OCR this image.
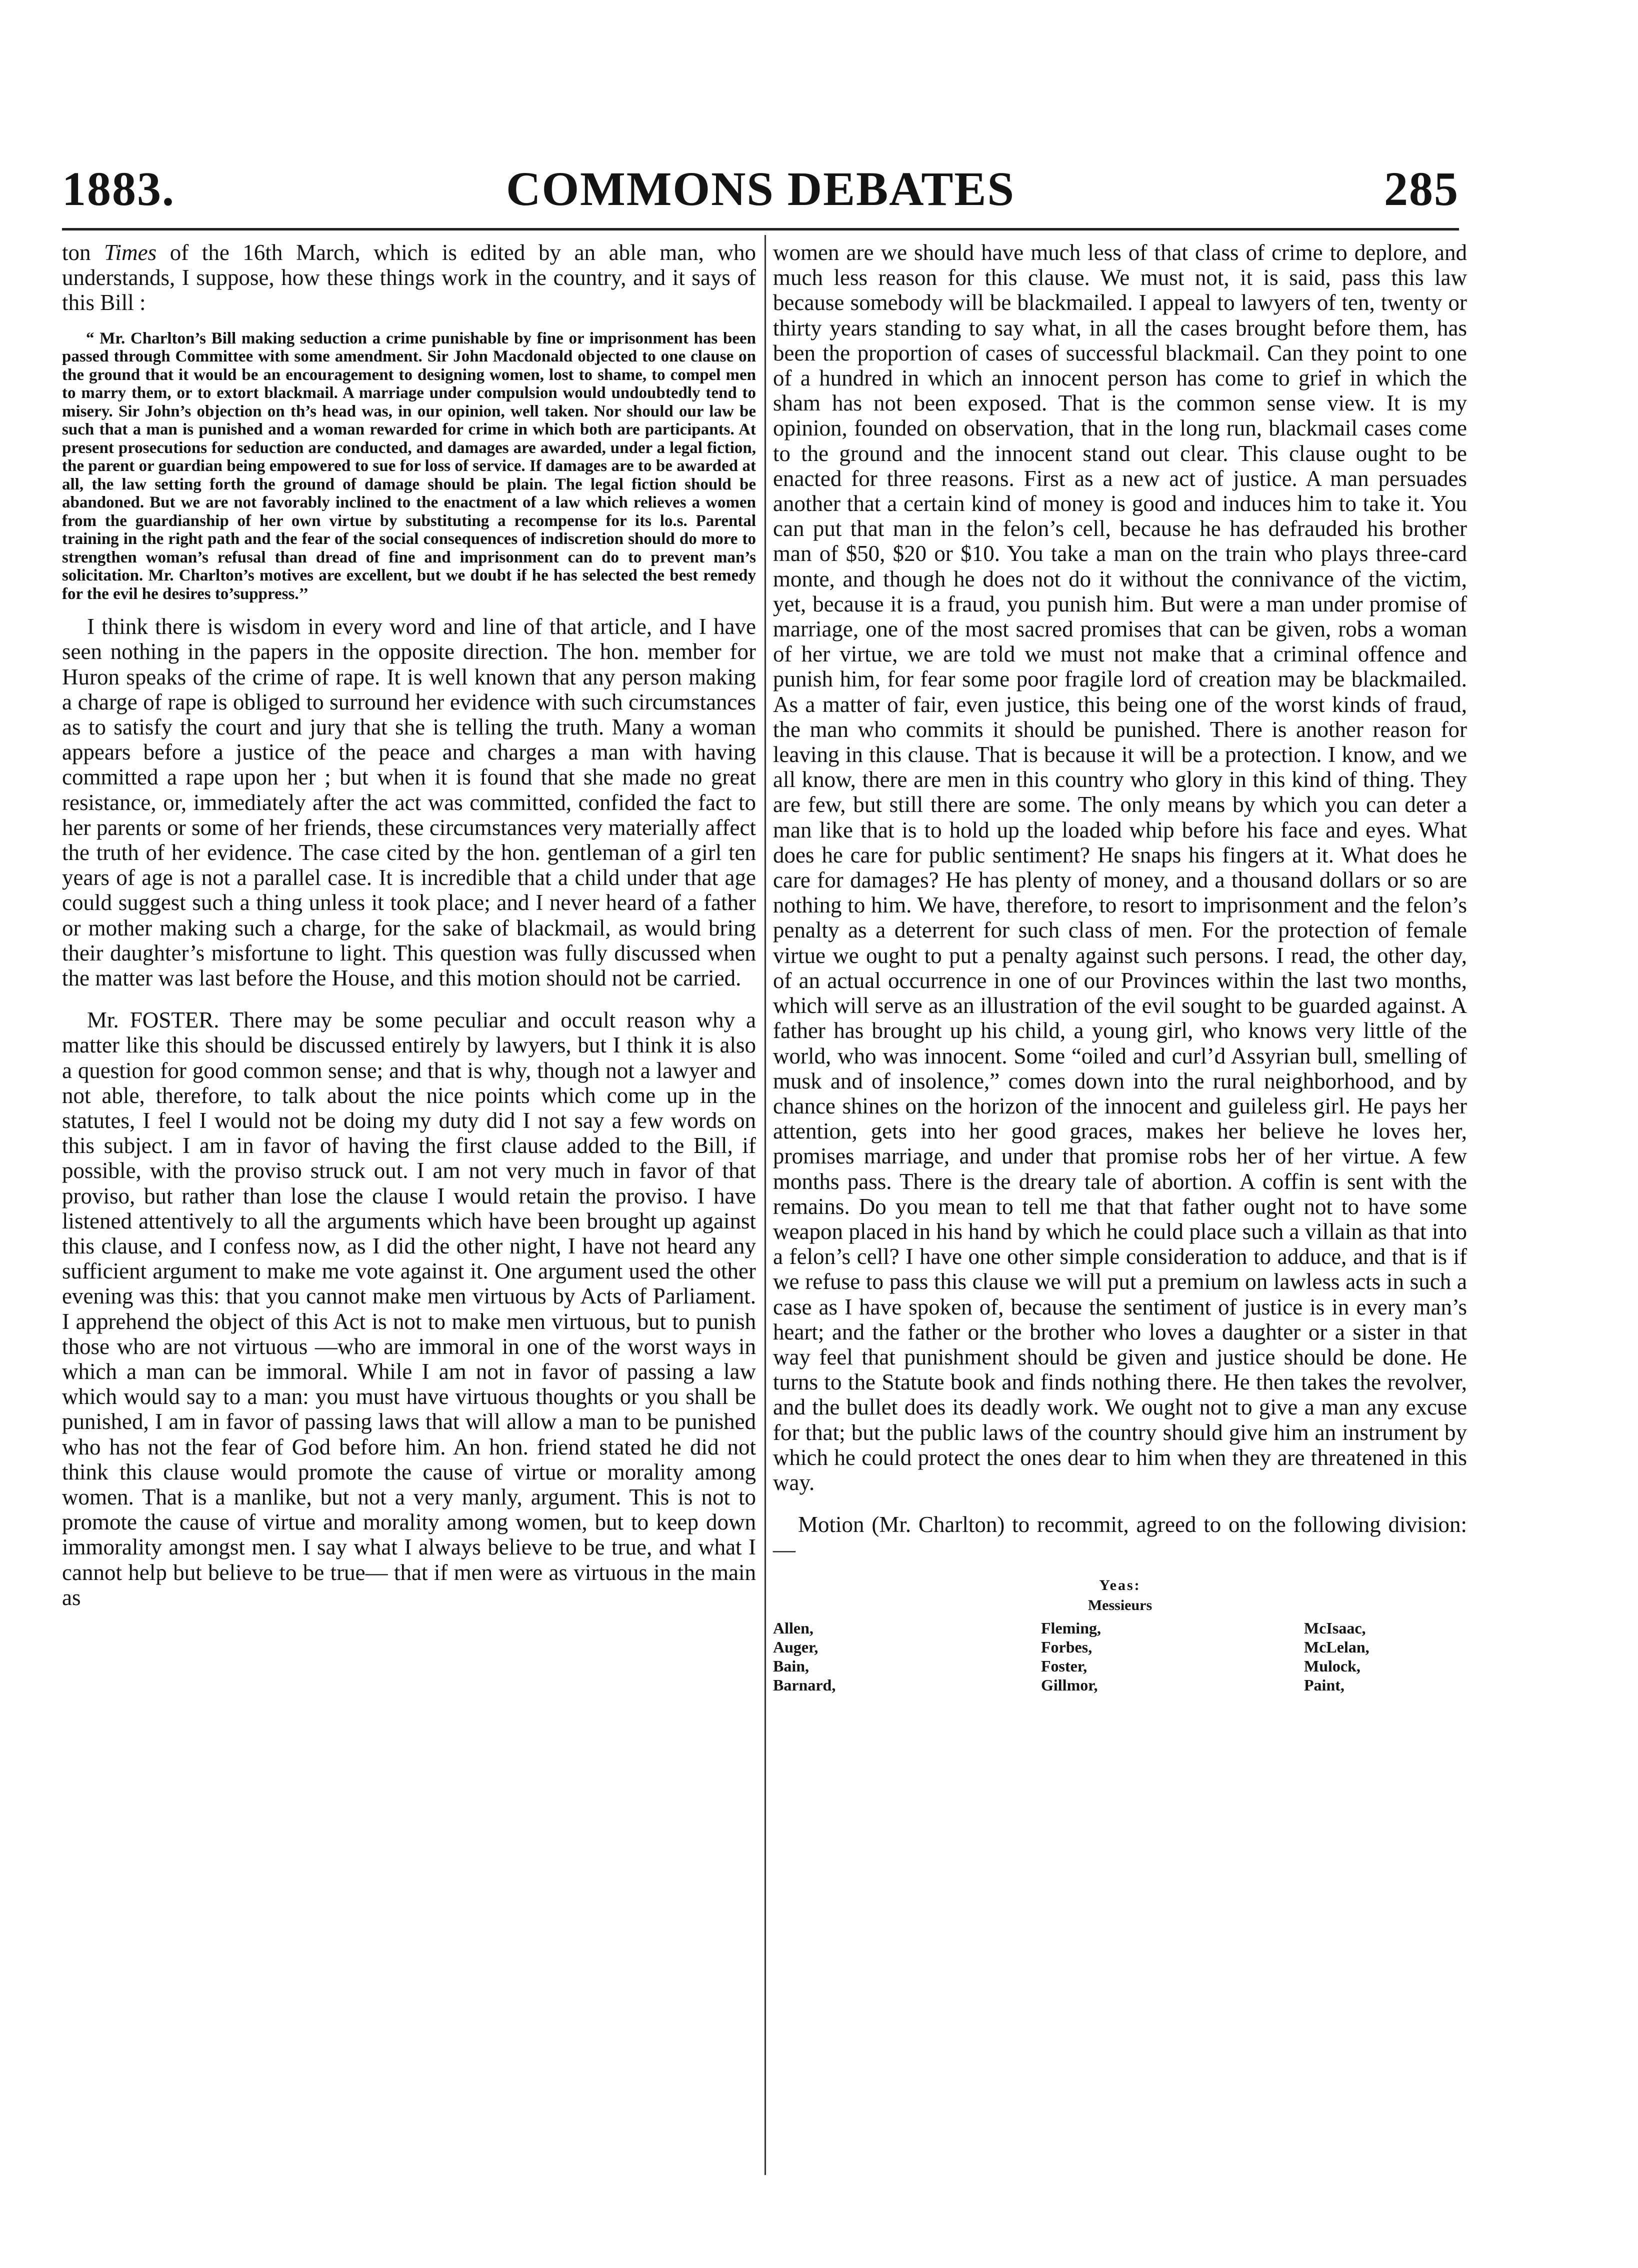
1883.	COMMONS DEBATES	285

ton Times of the 16th March, which is edited by an able man, who understands, I suppose, how these things work in the country, and it says of this Bill :

“ Mr. Charlton’s Bill making seduction a crime punishable by fine or imprisonment has been passed through Committee with some amendment. Sir John Macdonald objected to one clause on the ground that it would be an encouragement to designing women, lost to shame, to compel men to marry them, or to extort blackmail. A marriage under compulsion would undoubtedly tend to misery. Sir John’s objection on th’s head was, in our opinion, well taken. Nor should our law be such that a man is punished and a woman rewarded for crime in which both are participants. At present prosecutions for seduction are conducted, and damages are awarded, under a legal fiction, the parent or guardian being empowered to sue for loss of service. If damages are to be awarded at all, the law setting forth the ground of damage should be plain. The legal fiction should be abandoned. But we are not favorably inclined to the enactment of a law which relieves a women from the guardianship of her own virtue by substituting a recompense for its lo.s. Parental training in the right path and the fear of the social consequences of indiscretion should do more to strengthen woman’s refusal than dread of fine and imprisonment can do to prevent man’s solicitation. Mr. Charlton’s motives are excellent, but we doubt if he has selected the best remedy for the evil he desires to’suppress.’’

I think there is wisdom in every word and line of that article, and I have seen nothing in the papers in the opposite direction. The hon. member for Huron speaks of the crime of rape. It is well known that any person making a charge of rape is obliged to surround her evidence with such circumstances as to satisfy the court and jury that she is telling the truth. Many a woman appears before a justice of the peace and charges a man with having committed a rape upon her ; but when it is found that she made no great resistance, or, immediately after the act was committed, confided the fact to her parents or some of her friends, these circumstances very materially affect the truth of her evidence. The case cited by the hon. gentleman of a girl ten years of age is not a parallel case. It is incredible that a child under that age could suggest such a thing unless it took place; and I never heard of a father or mother making such a charge, for the sake of blackmail, as would bring their daughter’s misfortune to light. This question was fully discussed when the matter was last before the House, and this motion should not be carried.

Mr. FOSTER. There may be some peculiar and occult reason why a matter like this should be discussed entirely by lawyers, but I think it is also a question for good common sense; and that is why, though not a lawyer and not able, therefore, to talk about the nice points which come up in the statutes, I feel I would not be doing my duty did I not say a few words on this subject. I am in favor of having the first clause added to the Bill, if possible, with the proviso struck out. I am not very much in favor of that proviso, but rather than lose the clause I would retain the proviso. I have listened attentively to all the arguments which have been brought up against this clause, and I confess now, as I did the other night, I have not heard any sufficient argument to make me vote against it. One argument used the other evening was this: that you cannot make men virtuous by Acts of Parliament. I apprehend the object of this Act is not to make men virtuous, but to punish those who are not virtuous —who are immoral in one of the worst ways in which a man can be immoral. While I am not in favor of passing a law which would say to a man: you must have virtuous thoughts or you shall be punished, I am in favor of passing laws that will allow a man to be punished who has not the fear of God before him. An hon. friend stated he did not think this clause would promote the cause of virtue or morality among women. That is a manlike, but not a very manly, argument. This is not to promote the cause of virtue and morality among women, but to keep down immorality amongst men. I say what I always believe to be true, and what I cannot help but believe to be true— that if men were as virtuous in the main as

women are we should have much less of that class of crime to deplore, and much less reason for this clause. We must not, it is said, pass this law because somebody will be blackmailed. I appeal to lawyers of ten, twenty or thirty years standing to say what, in all the cases brought before them, has been the proportion of cases of successful blackmail. Can they point to one of a hundred in which an innocent person has come to grief in which the sham has not been exposed. That is the common sense view. It is my opinion, founded on observation, that in the long run, blackmail cases come to the ground and the innocent stand out clear. This clause ought to be enacted for three reasons. First as a new act of justice. A man persuades another that a certain kind of money is good and induces him to take it. You can put that man in the felon’s cell, because he has defrauded his brother man of $50, $20 or $10. You take a man on the train who plays three-card monte, and though he does not do it without the connivance of the victim, yet, because it is a fraud, you punish him. But were a man under promise of marriage, one of the most sacred promises that can be given, robs a woman of her virtue, we are told we must not make that a criminal offence and punish him, for fear some poor fragile lord of creation may be blackmailed. As a matter of fair, even justice, this being one of the worst kinds of fraud, the man who commits it should be punished. There is another reason for leaving in this clause. That is because it will be a protection. I know, and we all know, there are men in this country who glory in this kind of thing. They are few, but still there are some. The only means by which you can deter a man like that is to hold up the loaded whip before his face and eyes. What does he care for public sentiment? He snaps his fingers at it. What does he care for damages? He has plenty of money, and a thousand dollars or so are nothing to him. We have, therefore, to resort to imprisonment and the felon’s penalty as a deterrent for such class of men. For the protection of female virtue we ought to put a penalty against such persons. I read, the other day, of an actual occurrence in one of our Provinces within the last two months, which will serve as an illustration of the evil sought to be guarded against. A father has brought up his child, a young girl, who knows very little of the world, who was innocent. Some “oiled and curl’d Assyrian bull, smelling of musk and of insolence,” comes down into the rural neighborhood, and by chance shines on the horizon of the innocent and guileless girl. He pays her attention, gets into her good graces, makes her believe he loves her, promises marriage, and under that promise robs her of her virtue. A few months pass. There is the dreary tale of abortion. A coffin is sent with the remains. Do you mean to tell me that that father ought not to have some weapon placed in his hand by which he could place such a villain as that into a felon’s cell? I have one other simple consideration to adduce, and that is if we refuse to pass this clause we will put a premium on lawless acts in such a case as I have spoken of, because the sentiment of justice is in every man’s heart; and the father or the brother who loves a daughter or a sister in that way feel that punishment should be given and justice should be done. He turns to the Statute book and finds nothing there. He then takes the revolver, and the bullet does its deadly work. We ought not to give a man any excuse for that; but the public laws of the country should give him an instrument by which he could protect the ones dear to him when they are threatened in this way.

Motion (Mr. Charlton) to recommit, agreed to on the following division:—

Yeas:
Messieurs
Allen,
Auger,
Bain,
Barnard,
Fleming,
Forbes,
Foster,
Gillmor,
McIsaac,
McLelan,
Mulock,
Paint,
